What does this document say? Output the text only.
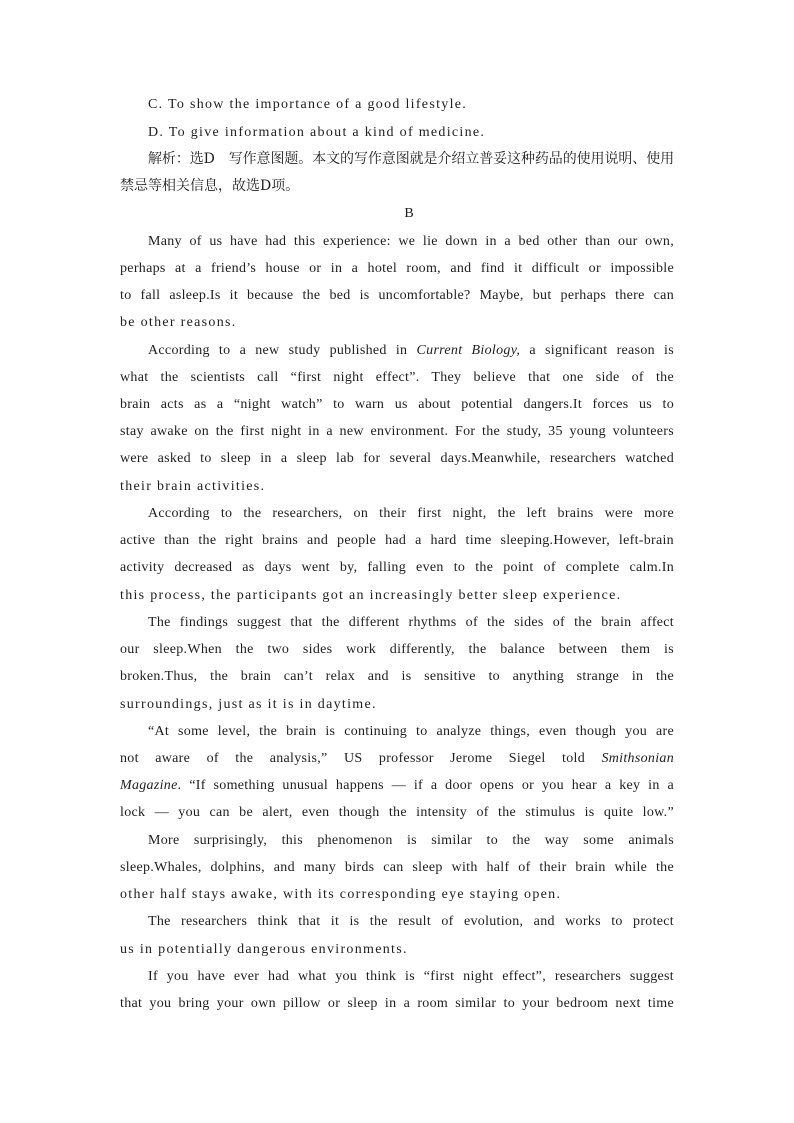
C. To show the importance of a good lifestyle.
D. To give information about a kind of medicine.
解析：选D　写作意图题。本文的写作意图就是介绍立普妥这种药品的使用说明、使用
禁忌等相关信息，故选D项。
B
Many of us have had this experience: we lie down in a bed other than our own,
perhaps at a friend’s house or in a hotel room, and find it difficult or impossible
to fall asleep.Is it because the bed is uncomfortable? Maybe, but perhaps there can
be other reasons.
According to a new study published in Current Biology, a significant reason is
what the scientists call “first night effect”. They believe that one side of the
brain acts as a “night watch” to warn us about potential dangers.It forces us to
stay awake on the first night in a new environment. For the study, 35 young volunteers
were asked to sleep in a sleep lab for several days.Meanwhile, researchers watched
their brain activities.
According to the researchers, on their first night, the left brains were more
active than the right brains and people had a hard time sleeping.However, left-brain
activity decreased as days went by, falling even to the point of complete calm.In
this process, the participants got an increasingly better sleep experience.
The findings suggest that the different rhythms of the sides of the brain affect
our sleep.When the two sides work differently, the balance between them is
broken.Thus, the brain can’t relax and is sensitive to anything strange in the
surroundings, just as it is in daytime.
“At some level, the brain is continuing to analyze things, even though you are
not aware of the analysis,” US professor Jerome Siegel told Smithsonian
Magazine. “If something unusual happens — if a door opens or you hear a key in a
lock — you can be alert, even though the intensity of the stimulus is quite low.”
More surprisingly, this phenomenon is similar to the way some animals
sleep.Whales, dolphins, and many birds can sleep with half of their brain while the
other half stays awake, with its corresponding eye staying open.
The researchers think that it is the result of evolution, and works to protect
us in potentially dangerous environments.
If you have ever had what you think is “first night effect”, researchers suggest
that you bring your own pillow or sleep in a room similar to your bedroom next time
